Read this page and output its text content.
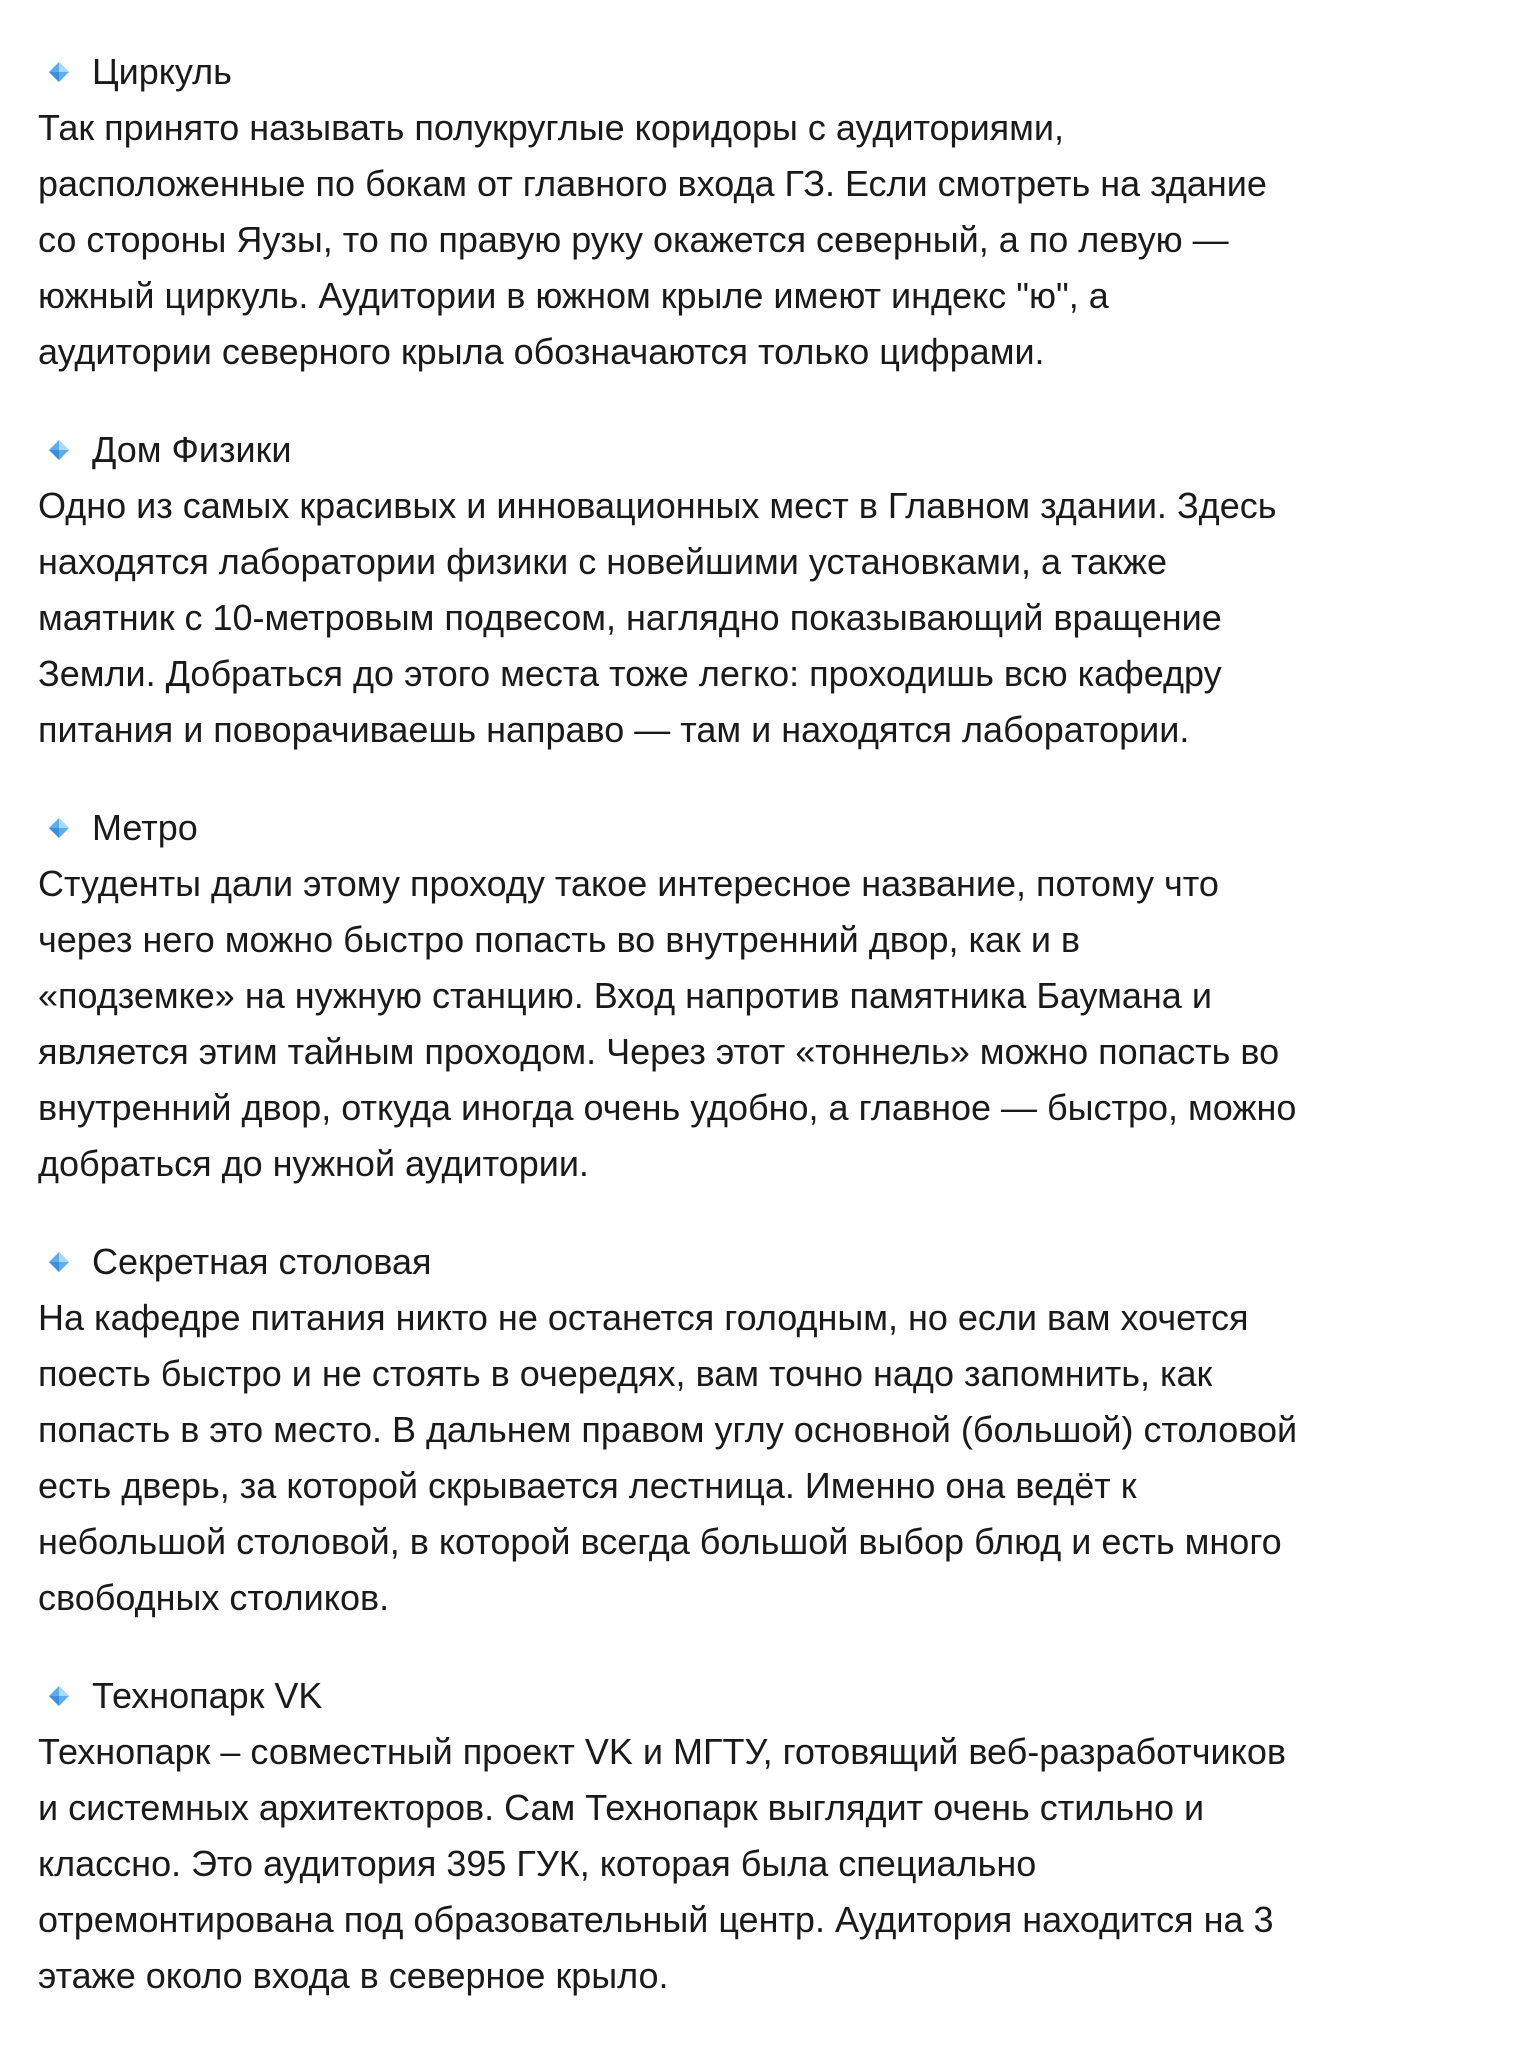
Циркуль
Так принято называть полукруглые коридоры с аудиториями,
расположенные по бокам от главного входа ГЗ. Если смотреть на здание
со стороны Яузы, то по правую руку окажется северный, а по левую —
южный циркуль. Аудитории в южном крыле имеют индекс "ю", а
аудитории северного крыла обозначаются только цифрами.
Дом Физики
Одно из самых красивых и инновационных мест в Главном здании. Здесь
находятся лаборатории физики с новейшими установками, а также
маятник с 10-метровым подвесом, наглядно показывающий вращение
Земли. Добраться до этого места тоже легко: проходишь всю кафедру
питания и поворачиваешь направо — там и находятся лаборатории.
Метро
Студенты дали этому проходу такое интересное название, потому что
через него можно быстро попасть во внутренний двор, как и в
«подземке» на нужную станцию. Вход напротив памятника Баумана и
является этим тайным проходом. Через этот «тоннель» можно попасть во
внутренний двор, откуда иногда очень удобно, а главное — быстро, можно
добраться до нужной аудитории.
Секретная столовая
На кафедре питания никто не останется голодным, но если вам хочется
поесть быстро и не стоять в очередях, вам точно надо запомнить, как
попасть в это место. В дальнем правом углу основной (большой) столовой
есть дверь, за которой скрывается лестница. Именно она ведёт к
небольшой столовой, в которой всегда большой выбор блюд и есть много
свободных столиков.
Технопарк VK
Технопарк – совместный проект VK и МГТУ, готовящий веб-разработчиков
и системных архитекторов. Сам Технопарк выглядит очень стильно и
классно. Это аудитория 395 ГУК, которая была специально
отремонтирована под образовательный центр. Аудитория находится на 3
этаже около входа в северное крыло.
